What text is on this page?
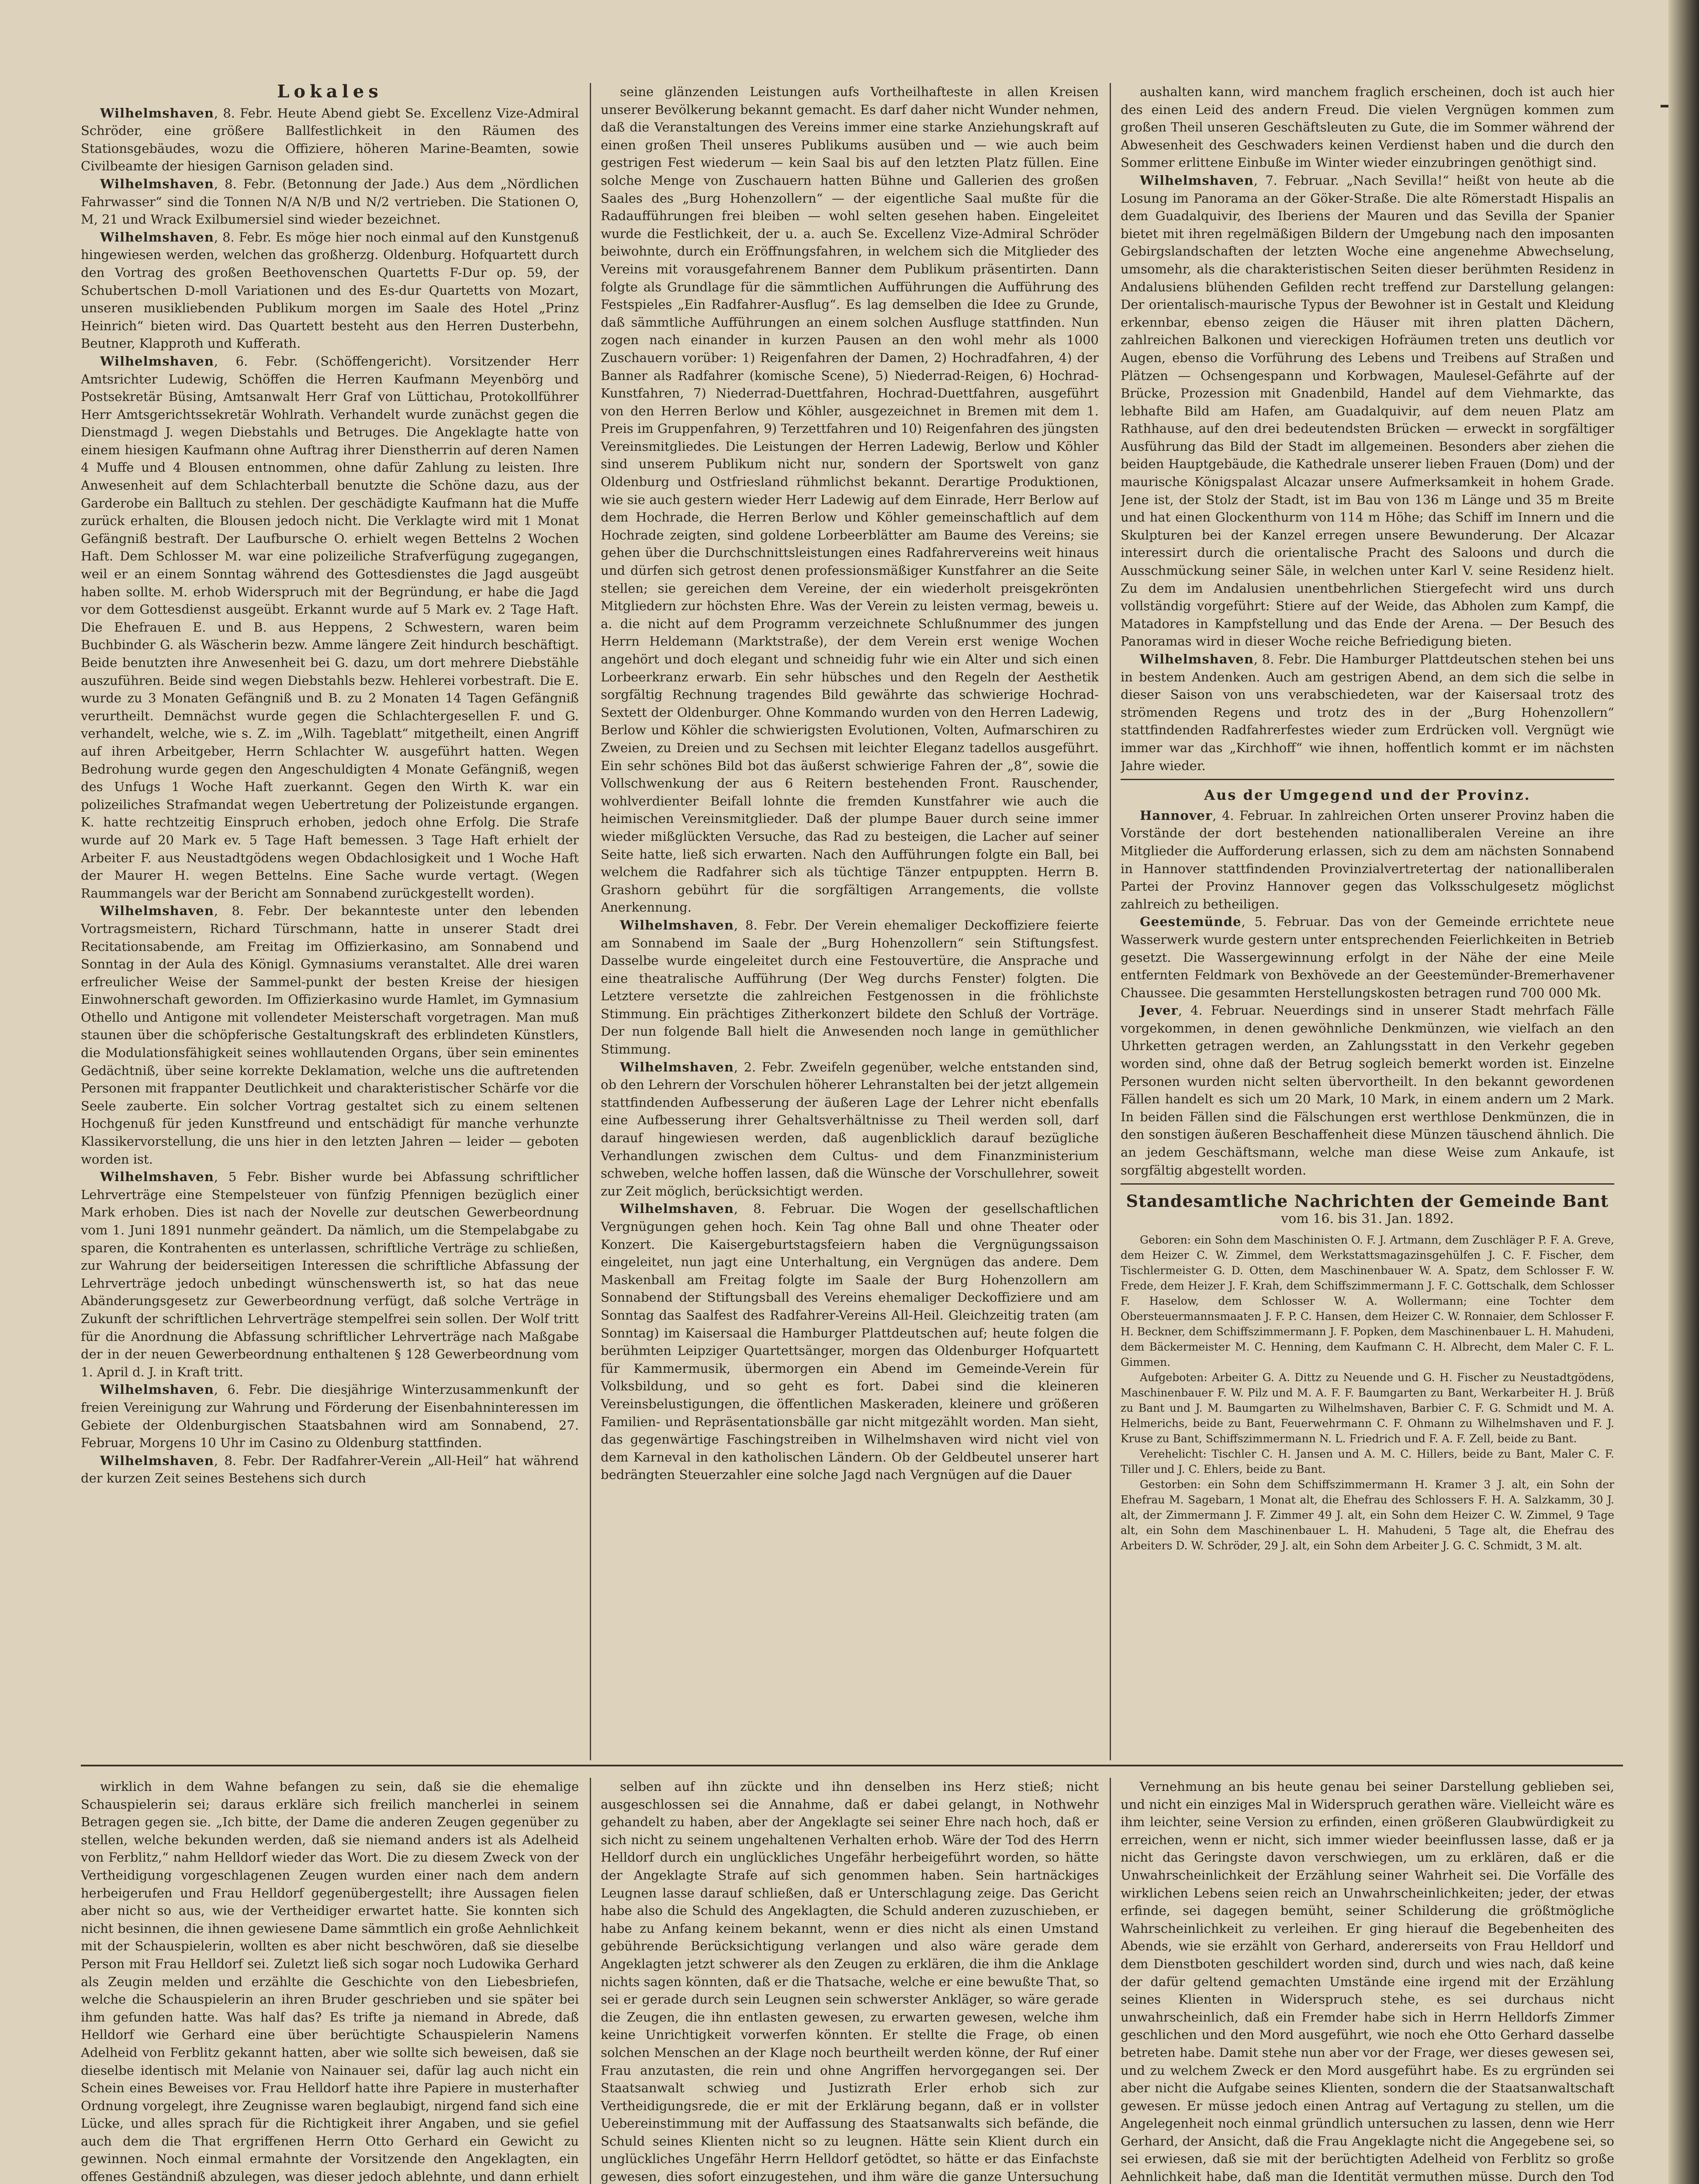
Lokales

Wilhelmshaven, 8. Febr. Heute Abend giebt Se. Excellenz Vize-Admiral Schröder, eine größere Ballfestlichkeit in den Räumen des Stationsgebäudes, wozu die Offiziere, höheren Marine-Beamten, sowie Civilbeamte der hiesigen Garnison geladen sind.

Wilhelmshaven, 8. Febr. (Betonnung der Jade.) Aus dem „Nördlichen Fahrwasser“ sind die Tonnen N/A N/B und N/2 vertrieben. Die Stationen O, M, 21 und Wrack Exilbumersiel sind wieder bezeichnet.

Wilhelmshaven, 8. Febr. Es möge hier noch einmal auf den Kunstgenuß hingewiesen werden, welchen das großherzg. Oldenburg. Hofquartett durch den Vortrag des großen Beethovenschen Quartetts F-Dur op. 59, der Schubertschen D-moll Variationen und des Es-dur Quartetts von Mozart, unseren musikliebenden Publikum morgen im Saale des Hotel „Prinz Heinrich“ bieten wird. Das Quartett besteht aus den Herren Dusterbehn, Beutner, Klapproth und Kufferath.

Wilhelmshaven, 6. Febr. (Schöffengericht). Vorsitzender Herr Amtsrichter Ludewig, Schöffen die Herren Kaufmann Meyenbörg und Postsekretär Büsing, Amtsanwalt Herr Graf von Lüttichau, Protokollführer Herr Amtsgerichtssekretär Wohlrath. Verhandelt wurde zunächst gegen die Dienstmagd J. wegen Diebstahls und Betruges. Die Angeklagte hatte von einem hiesigen Kaufmann ohne Auftrag ihrer Dienstherrin auf deren Namen 4 Muffe und 4 Blousen entnommen, ohne dafür Zahlung zu leisten. Ihre Anwesenheit auf dem Schlachterball benutzte die Schöne dazu, aus der Garderobe ein Balltuch zu stehlen. Der geschädigte Kaufmann hat die Muffe zurück erhalten, die Blousen jedoch nicht. Die Verklagte wird mit 1 Monat Gefängniß bestraft. Der Laufbursche O. erhielt wegen Bettelns 2 Wochen Haft. Dem Schlosser M. war eine polizeiliche Strafverfügung zugegangen, weil er an einem Sonntag während des Gottesdienstes die Jagd ausgeübt haben sollte. M. erhob Widerspruch mit der Begründung, er habe die Jagd vor dem Gottesdienst ausgeübt. Erkannt wurde auf 5 Mark ev. 2 Tage Haft. Die Ehefrauen E. und B. aus Heppens, 2 Schwestern, waren beim Buchbinder G. als Wäscherin bezw. Amme längere Zeit hindurch beschäftigt. Beide benutzten ihre Anwesenheit bei G. dazu, um dort mehrere Diebstähle auszuführen. Beide sind wegen Diebstahls bezw. Hehlerei vorbestraft. Die E. wurde zu 3 Monaten Gefängniß und B. zu 2 Monaten 14 Tagen Gefängniß verurtheilt. Demnächst wurde gegen die Schlachtergesellen F. und G. verhandelt, welche, wie s. Z. im „Wilh. Tageblatt“ mitgetheilt, einen Angriff auf ihren Arbeitgeber, Herrn Schlachter W. ausgeführt hatten. Wegen Bedrohung wurde gegen den Angeschuldigten 4 Monate Gefängniß, wegen des Unfugs 1 Woche Haft zuerkannt. Gegen den Wirth K. war ein polizeiliches Strafmandat wegen Uebertretung der Polizeistunde ergangen. K. hatte rechtzeitig Einspruch erhoben, jedoch ohne Erfolg. Die Strafe wurde auf 20 Mark ev. 5 Tage Haft bemessen. 3 Tage Haft erhielt der Arbeiter F. aus Neustadtgödens wegen Obdachlosigkeit und 1 Woche Haft der Maurer H. wegen Bettelns. Eine Sache wurde vertagt. (Wegen Raummangels war der Bericht am Sonnabend zurückgestellt worden).

Wilhelmshaven, 8. Febr. Der bekannteste unter den lebenden Vortragsmeistern, Richard Türschmann, hatte in unserer Stadt drei Recitationsabende, am Freitag im Offizierkasino, am Sonnabend und Sonntag in der Aula des Königl. Gymnasiums veranstaltet. Alle drei waren erfreulicher Weise der Sammel-punkt der besten Kreise der hiesigen Einwohnerschaft geworden. Im Offizierkasino wurde Hamlet, im Gymnasium Othello und Antigone mit vollendeter Meisterschaft vorgetragen. Man muß staunen über die schöpferische Gestaltungskraft des erblindeten Künstlers, die Modulationsfähigkeit seines wohllautenden Organs, über sein eminentes Gedächtniß, über seine korrekte Deklamation, welche uns die auftretenden Personen mit frappanter Deutlichkeit und charakteristischer Schärfe vor die Seele zauberte. Ein solcher Vortrag gestaltet sich zu einem seltenen Hochgenuß für jeden Kunstfreund und entschädigt für manche verhunzte Klassikervorstellung, die uns hier in den letzten Jahren — leider — geboten worden ist.

Wilhelmshaven, 5 Febr. Bisher wurde bei Abfassung schriftlicher Lehrverträge eine Stempelsteuer von fünfzig Pfennigen bezüglich einer Mark erhoben. Dies ist nach der Novelle zur deutschen Gewerbeordnung vom 1. Juni 1891 nunmehr geändert. Da nämlich, um die Stempelabgabe zu sparen, die Kontrahenten es unterlassen, schriftliche Verträge zu schließen, zur Wahrung der beiderseitigen Interessen die schriftliche Abfassung der Lehrverträge jedoch unbedingt wünschenswerth ist, so hat das neue Abänderungsgesetz zur Gewerbeordnung verfügt, daß solche Verträge in Zukunft der schriftlichen Lehrverträge stempelfrei sein sollen. Der Wolf tritt für die Anordnung die Abfassung schriftlicher Lehrverträge nach Maßgabe der in der neuen Gewerbeordnung enthaltenen § 128 Gewerbeordnung vom 1. April d. J. in Kraft tritt.

Wilhelmshaven, 6. Febr. Die diesjährige Winterzusammenkunft der freien Vereinigung zur Wahrung und Förderung der Eisenbahninteressen im Gebiete der Oldenburgischen Staatsbahnen wird am Sonnabend, 27. Februar, Morgens 10 Uhr im Casino zu Oldenburg stattfinden.

Wilhelmshaven, 8. Febr. Der Radfahrer-Verein „All-Heil“ hat während der kurzen Zeit seines Bestehens sich durch

seine glänzenden Leistungen aufs Vortheilhafteste in allen Kreisen unserer Bevölkerung bekannt gemacht. Es darf daher nicht Wunder nehmen, daß die Veranstaltungen des Vereins immer eine starke Anziehungskraft auf einen großen Theil unseres Publikums ausüben und — wie auch beim gestrigen Fest wiederum — kein Saal bis auf den letzten Platz füllen. Eine solche Menge von Zuschauern hatten Bühne und Gallerien des großen Saales des „Burg Hohenzollern“ — der eigentliche Saal mußte für die Radaufführungen frei bleiben — wohl selten gesehen haben. Eingeleitet wurde die Festlichkeit, der u. a. auch Se. Excellenz Vize-Admiral Schröder beiwohnte, durch ein Eröffnungsfahren, in welchem sich die Mitglieder des Vereins mit vorausgefahrenem Banner dem Publikum präsentirten. Dann folgte als Grundlage für die sämmtlichen Aufführungen die Aufführung des Festspieles „Ein Radfahrer-Ausflug“. Es lag demselben die Idee zu Grunde, daß sämmtliche Aufführungen an einem solchen Ausfluge stattfinden. Nun zogen nach einander in kurzen Pausen an den wohl mehr als 1000 Zuschauern vorüber: 1) Reigenfahren der Damen, 2) Hochradfahren, 4) der Banner als Radfahrer (komische Scene), 5) Niederrad-Reigen, 6) Hochrad-Kunstfahren, 7) Niederrad-Duettfahren, Hochrad-Duettfahren, ausgeführt von den Herren Berlow und Köhler, ausgezeichnet in Bremen mit dem 1. Preis im Gruppenfahren, 9) Terzettfahren und 10) Reigenfahren des jüngsten Vereinsmitgliedes. Die Leistungen der Herren Ladewig, Berlow und Köhler sind unserem Publikum nicht nur, sondern der Sportswelt von ganz Oldenburg und Ostfriesland rühmlichst bekannt. Derartige Produktionen, wie sie auch gestern wieder Herr Ladewig auf dem Einrade, Herr Berlow auf dem Hochrade, die Herren Berlow und Köhler gemeinschaftlich auf dem Hochrade zeigten, sind goldene Lorbeerblätter am Baume des Vereins; sie gehen über die Durchschnittsleistungen eines Radfahrervereins weit hinaus und dürfen sich getrost denen professionsmäßiger Kunstfahrer an die Seite stellen; sie gereichen dem Vereine, der ein wiederholt preisgekrönten Mitgliedern zur höchsten Ehre. Was der Verein zu leisten vermag, beweis u. a. die nicht auf dem Programm verzeichnete Schlußnummer des jungen Herrn Heldemann (Marktstraße), der dem Verein erst wenige Wochen angehört und doch elegant und schneidig fuhr wie ein Alter und sich einen Lorbeerkranz erwarb. Ein sehr hübsches und den Regeln der Aesthetik sorgfältig Rechnung tragendes Bild gewährte das schwierige Hochrad-Sextett der Oldenburger. Ohne Kommando wurden von den Herren Ladewig, Berlow und Köhler die schwierigsten Evolutionen, Volten, Aufmarschiren zu Zweien, zu Dreien und zu Sechsen mit leichter Eleganz tadellos ausgeführt. Ein sehr schönes Bild bot das äußerst schwierige Fahren der „8“, sowie die Vollschwenkung der aus 6 Reitern bestehenden Front. Rauschender, wohlverdienter Beifall lohnte die fremden Kunstfahrer wie auch die heimischen Vereinsmitglieder. Daß der plumpe Bauer durch seine immer wieder mißglückten Versuche, das Rad zu besteigen, die Lacher auf seiner Seite hatte, ließ sich erwarten. Nach den Aufführungen folgte ein Ball, bei welchem die Radfahrer sich als tüchtige Tänzer entpuppten. Herrn B. Grashorn gebührt für die sorgfältigen Arrangements, die vollste Anerkennung.

Wilhelmshaven, 8. Febr. Der Verein ehemaliger Deckoffiziere feierte am Sonnabend im Saale der „Burg Hohenzollern“ sein Stiftungsfest. Dasselbe wurde eingeleitet durch eine Festouvertüre, die Ansprache und eine theatralische Aufführung (Der Weg durchs Fenster) folgten. Die Letztere versetzte die zahlreichen Festgenossen in die fröhlichste Stimmung. Ein prächtiges Zitherkonzert bildete den Schluß der Vorträge. Der nun folgende Ball hielt die Anwesenden noch lange in gemüthlicher Stimmung.

Wilhelmshaven, 2. Febr. Zweifeln gegenüber, welche entstanden sind, ob den Lehrern der Vorschulen höherer Lehranstalten bei der jetzt allgemein stattfindenden Aufbesserung der äußeren Lage der Lehrer nicht ebenfalls eine Aufbesserung ihrer Gehaltsverhältnisse zu Theil werden soll, darf darauf hingewiesen werden, daß augenblicklich darauf bezügliche Verhandlungen zwischen dem Cultus- und dem Finanzministerium schweben, welche hoffen lassen, daß die Wünsche der Vorschullehrer, soweit zur Zeit möglich, berücksichtigt werden.

Wilhelmshaven, 8. Februar. Die Wogen der gesellschaftlichen Vergnügungen gehen hoch. Kein Tag ohne Ball und ohne Theater oder Konzert. Die Kaisergeburtstagsfeiern haben die Vergnügungssaison eingeleitet, nun jagt eine Unterhaltung, ein Vergnügen das andere. Dem Maskenball am Freitag folgte im Saale der Burg Hohenzollern am Sonnabend der Stiftungsball des Vereins ehemaliger Deckoffiziere und am Sonntag das Saalfest des Radfahrer-Vereins All-Heil. Gleichzeitig traten (am Sonntag) im Kaisersaal die Hamburger Plattdeutschen auf; heute folgen die berühmten Leipziger Quartettsänger, morgen das Oldenburger Hofquartett für Kammermusik, übermorgen ein Abend im Gemeinde-Verein für Volksbildung, und so geht es fort. Dabei sind die kleineren Vereinsbelustigungen, die öffentlichen Maskeraden, kleinere und größeren Familien- und Repräsentationsbälle gar nicht mitgezählt worden. Man sieht, das gegenwärtige Faschingstreiben in Wilhelmshaven wird nicht viel von dem Karneval in den katholischen Ländern. Ob der Geldbeutel unserer hart bedrängten Steuerzahler eine solche Jagd nach Vergnügen auf die Dauer

aushalten kann, wird manchem fraglich erscheinen, doch ist auch hier des einen Leid des andern Freud. Die vielen Vergnügen kommen zum großen Theil unseren Geschäftsleuten zu Gute, die im Sommer während der Abwesenheit des Geschwaders keinen Verdienst haben und die durch den Sommer erlittene Einbuße im Winter wieder einzubringen genöthigt sind.

Wilhelmshaven, 7. Februar. „Nach Sevilla!“ heißt von heute ab die Losung im Panorama an der Göker-Straße. Die alte Römerstadt Hispalis an dem Guadalquivir, des Iberiens der Mauren und das Sevilla der Spanier bietet mit ihren regelmäßigen Bildern der Umgebung nach den imposanten Gebirgslandschaften der letzten Woche eine angenehme Abwechselung, umsomehr, als die charakteristischen Seiten dieser berühmten Residenz in Andalusiens blühenden Gefilden recht treffend zur Darstellung gelangen: Der orientalisch-maurische Typus der Bewohner ist in Gestalt und Kleidung erkennbar, ebenso zeigen die Häuser mit ihren platten Dächern, zahlreichen Balkonen und viereckigen Hofräumen treten uns deutlich vor Augen, ebenso die Vorführung des Lebens und Treibens auf Straßen und Plätzen — Ochsengespann und Korbwagen, Maulesel-Gefährte auf der Brücke, Prozession mit Gnadenbild, Handel auf dem Viehmarkte, das lebhafte Bild am Hafen, am Guadalquivir, auf dem neuen Platz am Rathhause, auf den drei bedeutendsten Brücken — erweckt in sorgfältiger Ausführung das Bild der Stadt im allgemeinen. Besonders aber ziehen die beiden Hauptgebäude, die Kathedrale unserer lieben Frauen (Dom) und der maurische Königspalast Alcazar unsere Aufmerksamkeit in hohem Grade. Jene ist, der Stolz der Stadt, ist im Bau von 136 m Länge und 35 m Breite und hat einen Glockenthurm von 114 m Höhe; das Schiff im Innern und die Skulpturen bei der Kanzel erregen unsere Bewunderung. Der Alcazar interessirt durch die orientalische Pracht des Saloons und durch die Ausschmückung seiner Säle, in welchen unter Karl V. seine Residenz hielt. Zu dem im Andalusien unentbehrlichen Stiergefecht wird uns durch vollständig vorgeführt: Stiere auf der Weide, das Abholen zum Kampf, die Matadores in Kampfstellung und das Ende der Arena. — Der Besuch des Panoramas wird in dieser Woche reiche Befriedigung bieten.

Wilhelmshaven, 8. Febr. Die Hamburger Plattdeutschen stehen bei uns in bestem Andenken. Auch am gestrigen Abend, an dem sich die selbe in dieser Saison von uns verabschiedeten, war der Kaisersaal trotz des strömenden Regens und trotz des in der „Burg Hohenzollern“ stattfindenden Radfahrerfestes wieder zum Erdrücken voll. Vergnügt wie immer war das „Kirchhoff“ wie ihnen, hoffentlich kommt er im nächsten Jahre wieder.

Aus der Umgegend und der Provinz.

Hannover, 4. Februar. In zahlreichen Orten unserer Provinz haben die Vorstände der dort bestehenden nationalliberalen Vereine an ihre Mitglieder die Aufforderung erlassen, sich zu dem am nächsten Sonnabend in Hannover stattfindenden Provinzialvertretertag der nationalliberalen Partei der Provinz Hannover gegen das Volksschulgesetz möglichst zahlreich zu betheiligen.

Geestemünde, 5. Februar. Das von der Gemeinde errichtete neue Wasserwerk wurde gestern unter entsprechenden Feierlichkeiten in Betrieb gesetzt. Die Wassergewinnung erfolgt in der Nähe der eine Meile entfernten Feldmark von Bexhövede an der Geestemünder-Bremerhavener Chaussee. Die gesammten Herstellungskosten betragen rund 700 000 Mk.

Jever, 4. Februar. Neuerdings sind in unserer Stadt mehrfach Fälle vorgekommen, in denen gewöhnliche Denkmünzen, wie vielfach an den Uhrketten getragen werden, an Zahlungsstatt in den Verkehr gegeben worden sind, ohne daß der Betrug sogleich bemerkt worden ist. Einzelne Personen wurden nicht selten übervortheilt. In den bekannt gewordenen Fällen handelt es sich um 20 Mark, 10 Mark, in einem andern um 2 Mark. In beiden Fällen sind die Fälschungen erst werthlose Denkmünzen, die in den sonstigen äußeren Beschaffenheit diese Münzen täuschend ähnlich. Die an jedem Geschäftsmann, welche man diese Weise zum Ankaufe, ist sorgfältig abgestellt worden.

Standesamtliche Nachrichten der Gemeinde Bant

vom 16. bis 31. Jan. 1892.

Geboren: ein Sohn dem Maschinisten O. F. J. Artmann, dem Zuschläger P. F. A. Greve, dem Heizer C. W. Zimmel, dem Werkstattsmagazinsgehülfen J. C. F. Fischer, dem Tischlermeister G. D. Otten, dem Maschinenbauer W. A. Spatz, dem Schlosser F. W. Frede, dem Heizer J. F. Krah, dem Schiffszimmermann J. F. C. Gottschalk, dem Schlosser F. Haselow, dem Schlosser W. A. Wollermann; eine Tochter dem Obersteuermannsmaaten J. F. P. C. Hansen, dem Heizer C. W. Ronnaier, dem Schlosser F. H. Beckner, dem Schiffszimmermann J. F. Popken, dem Maschinenbauer L. H. Mahudeni, dem Bäckermeister M. C. Henning, dem Kaufmann C. H. Albrecht, dem Maler C. F. L. Gimmen.

Aufgeboten: Arbeiter G. A. Dittz zu Neuende und G. H. Fischer zu Neustadtgödens, Maschinenbauer F. W. Pilz und M. A. F. F. Baumgarten zu Bant, Werkarbeiter H. J. Brüß zu Bant und J. M. Baumgarten zu Wilhelmshaven, Barbier C. F. G. Schmidt und M. A. Helmerichs, beide zu Bant, Feuerwehrmann C. F. Ohmann zu Wilhelmshaven und F. J. Kruse zu Bant, Schiffszimmermann N. L. Friedrich und F. A. F. Zell, beide zu Bant.

Verehelicht: Tischler C. H. Jansen und A. M. C. Hillers, beide zu Bant, Maler C. F. Tiller und J. C. Ehlers, beide zu Bant.

Gestorben: ein Sohn dem Schiffszimmermann H. Kramer 3 J. alt, ein Sohn der Ehefrau M. Sagebarn, 1 Monat alt, die Ehefrau des Schlossers F. H. A. Salzkamm, 30 J. alt, der Zimmermann J. F. Zimmer 49 J. alt, ein Sohn dem Heizer C. W. Zimmel, 9 Tage alt, ein Sohn dem Maschinenbauer L. H. Mahudeni, 5 Tage alt, die Ehefrau des Arbeiters D. W. Schröder, 29 J. alt, ein Sohn dem Arbeiter J. G. C. Schmidt, 3 M. alt.

wirklich in dem Wahne befangen zu sein, daß sie die ehemalige Schauspielerin sei; daraus erkläre sich freilich mancherlei in seinem Betragen gegen sie. „Ich bitte, der Dame die anderen Zeugen gegenüber zu stellen, welche bekunden werden, daß sie niemand anders ist als Adelheid von Ferblitz,“ nahm Helldorf wieder das Wort. Die zu diesem Zweck von der Vertheidigung vorgeschlagenen Zeugen wurden einer nach dem andern herbeigerufen und Frau Helldorf gegenübergestellt; ihre Aussagen fielen aber nicht so aus, wie der Vertheidiger erwartet hatte. Sie konnten sich nicht besinnen, die ihnen gewiesene Dame sämmtlich ein große Aehnlichkeit mit der Schauspielerin, wollten es aber nicht beschwören, daß sie dieselbe Person mit Frau Helldorf sei. Zuletzt ließ sich sogar noch Ludowika Gerhard als Zeugin melden und erzählte die Geschichte von den Liebesbriefen, welche die Schauspielerin an ihren Bruder geschrieben und sie später bei ihm gefunden hatte. Was half das? Es trifte ja niemand in Abrede, daß Helldorf wie Gerhard eine über berüchtigte Schauspielerin Namens Adelheid von Ferblitz gekannt hatten, aber wie sollte sich beweisen, daß sie dieselbe identisch mit Melanie von Nainauer sei, dafür lag auch nicht ein Schein eines Beweises vor. Frau Helldorf hatte ihre Papiere in musterhafter Ordnung vorgelegt, ihre Zeugnisse waren beglaubigt, nirgend fand sich eine Lücke, und alles sprach für die Richtigkeit ihrer Angaben, und sie gefiel auch dem die That ergriffenen Herrn Otto Gerhard ein Gewicht zu gewinnen. Noch einmal ermahnte der Vorsitzende den Angeklagten, ein offenes Geständniß abzulegen, was dieser jedoch ablehnte, und dann erhielt

selben auf ihn zückte und ihn denselben ins Herz stieß; nicht ausgeschlossen sei die Annahme, daß er dabei gelangt, in Nothwehr gehandelt zu haben, aber der Angeklagte sei seiner Ehre nach hoch, daß er sich nicht zu seinem ungehaltenen Verhalten erhob. Wäre der Tod des Herrn Helldorf durch ein unglückliches Ungefähr herbeigeführt worden, so hätte der Angeklagte Strafe auf sich genommen haben. Sein hartnäckiges Leugnen lasse darauf schließen, daß er Unterschlagung zeige. Das Gericht habe also die Schuld des Angeklagten, die Schuld anderen zuzuschieben, er habe zu Anfang keinem bekannt, wenn er dies nicht als einen Umstand gebührende Berücksichtigung verlangen und also wäre gerade dem Angeklagten jetzt schwerer als den Zeugen zu erklären, die ihm die Anklage nichts sagen könnten, daß er die Thatsache, welche er eine bewußte That, so sei er gerade durch sein Leugnen sein schwerster Ankläger, so wäre gerade die Zeugen, die ihn entlasten gewesen, zu erwarten gewesen, welche ihm keine Unrichtigkeit vorwerfen könnten. Er stellte die Frage, ob einen solchen Menschen an der Klage noch beurtheilt werden könne, der Ruf einer Frau anzutasten, die rein und ohne Angriffen hervorgegangen sei. Der Staatsanwalt schwieg und Justizrath Erler erhob sich zur Vertheidigungsrede, die er mit der Erklärung begann, daß er in vollster Uebereinstimmung mit der Auffassung des Staatsanwalts sich befände, die Schuld seines Klienten nicht so zu leugnen. Hätte sein Klient durch ein unglückliches Ungefähr Herrn Helldorf getödtet, so hätte er das Einfachste gewesen, dies sofort einzugestehen, und ihm wäre die ganze Untersuchung

Vernehmung an bis heute genau bei seiner Darstellung geblieben sei, und nicht ein einziges Mal in Widerspruch gerathen wäre. Vielleicht wäre es ihm leichter, seine Version zu erfinden, einen größeren Glaubwürdigkeit zu erreichen, wenn er nicht, sich immer wieder beeinflussen lasse, daß er ja nicht das Geringste davon verschwiegen, um zu erklären, daß er die Unwahrscheinlichkeit der Erzählung seiner Wahrheit sei. Die Vorfälle des wirklichen Lebens seien reich an Unwahrscheinlichkeiten; jeder, der etwas erfinde, sei dagegen bemüht, seiner Schilderung die größtmögliche Wahrscheinlichkeit zu verleihen. Er ging hierauf die Begebenheiten des Abends, wie sie erzählt von Gerhard, andererseits von Frau Helldorf und dem Dienstboten geschildert worden sind, durch und wies nach, daß keine der dafür geltend gemachten Umstände eine irgend mit der Erzählung seines Klienten in Widerspruch stehe, es sei durchaus nicht unwahrscheinlich, daß ein Fremder habe sich in Herrn Helldorfs Zimmer geschlichen und den Mord ausgeführt, wie noch ehe Otto Gerhard dasselbe betreten habe. Damit stehe nun aber vor der Frage, wer dieses gewesen sei, und zu welchem Zweck er den Mord ausgeführt habe. Es zu ergründen sei aber nicht die Aufgabe seines Klienten, sondern die der Staatsanwaltschaft gewesen. Er müsse jedoch einen Antrag auf Vertagung zu stellen, um die Angelegenheit noch einmal gründlich untersuchen zu lassen, denn wie Herr Gerhard, der Ansicht, daß die Frau Angeklagte nicht die Angegebene sei, so sei erwiesen, daß sie mit der berüchtigten Adelheid von Ferblitz so große Aehnlichkeit habe, daß man die Identität vermuthen müsse. Durch den Tod
